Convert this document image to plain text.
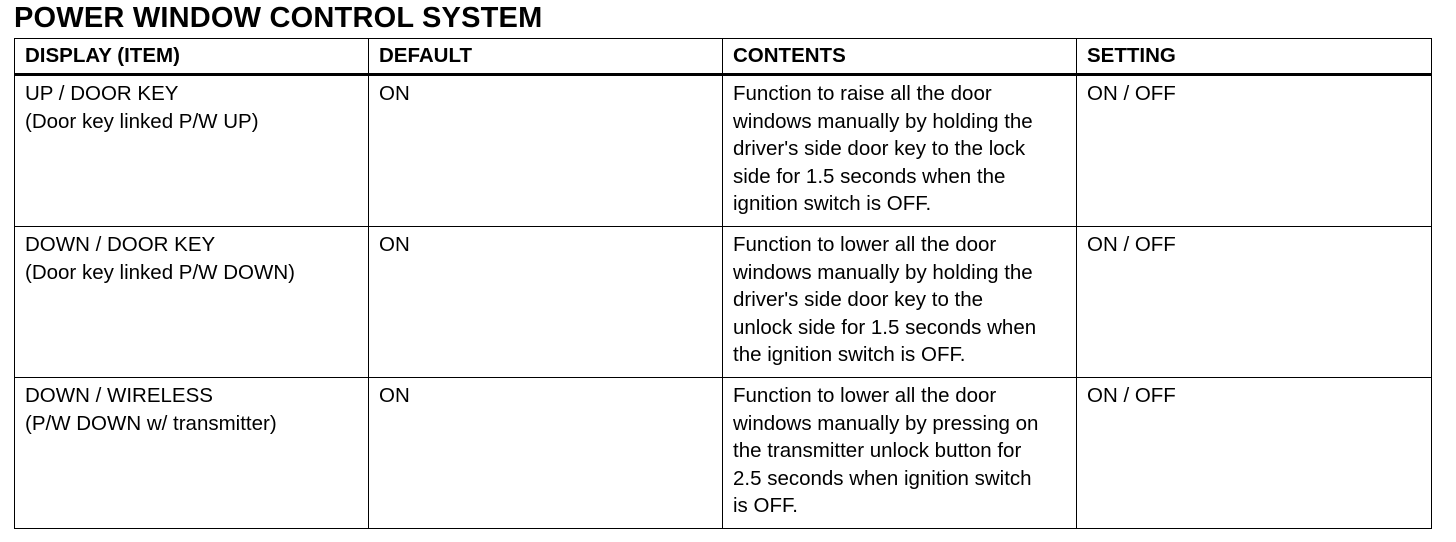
POWER WINDOW CONTROL SYSTEM
DISPLAY (ITEM)	DEFAULT	CONTENTS	SETTING

UP / DOOR KEY
(Door key linked P/W UP)	ON	Function to raise all the door
windows manually by holding the
driver's side door key to the lock
side for 1.5 seconds when the
ignition switch is OFF.	ON / OFF

DOWN / DOOR KEY
(Door key linked P/W DOWN)	ON	Function to lower all the door
windows manually by holding the
driver's side door key to the
unlock side for 1.5 seconds when
the ignition switch is OFF.	ON / OFF

DOWN / WIRELESS
(P/W DOWN w/ transmitter)	ON	Function to lower all the door
windows manually by pressing on
the transmitter unlock button for
2.5 seconds when ignition switch
is OFF.	ON / OFF
